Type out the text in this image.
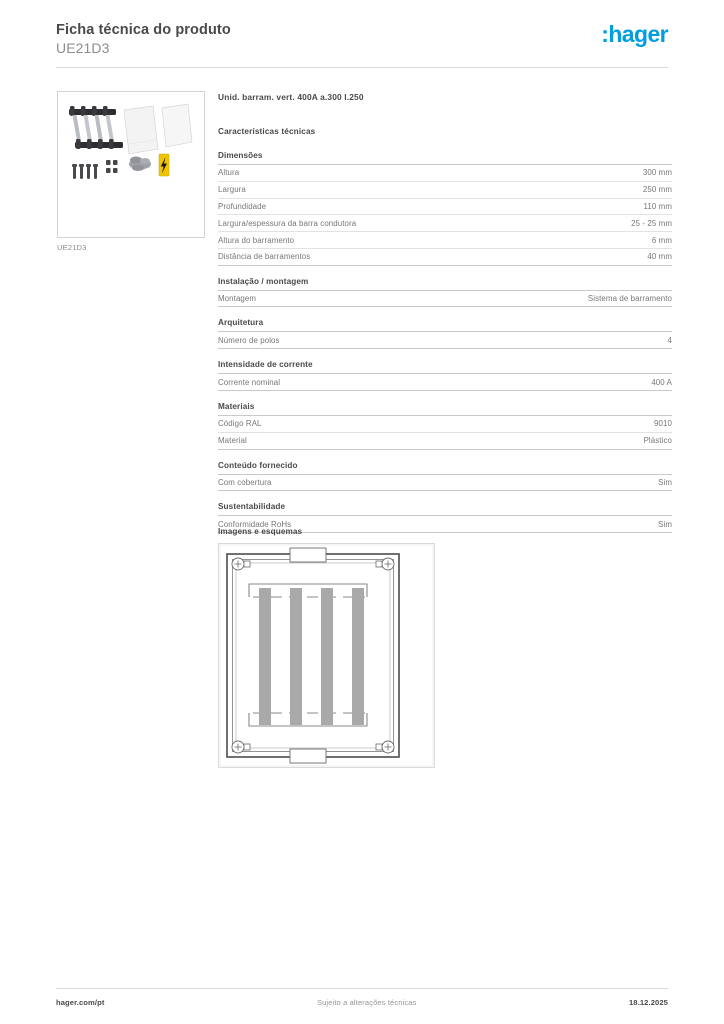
Ficha técnica do produto
UE21D3
:hager
UE21D3
Unid. barram. vert. 400A a.300 l.250
Características técnicas
Dimensões
Altura	300 mm
Largura	250 mm
Profundidade	110 mm
Largura/espessura da barra condutora	25 - 25 mm
Altura do barramento	6 mm
Distância de barramentos	40 mm
Instalação / montagem
Montagem	Sistema de barramento
Arquitetura
Número de polos	4
Intensidade de corrente
Corrente nominal	400 A
Materiais
Código RAL	9010
Material	Plástico
Conteúdo fornecido
Com cobertura	Sim
Sustentabilidade
Conformidade RoHs	Sim
Imagens e esquemas
hager.com/pt	Sujeito a alterações técnicas	18.12.2025
